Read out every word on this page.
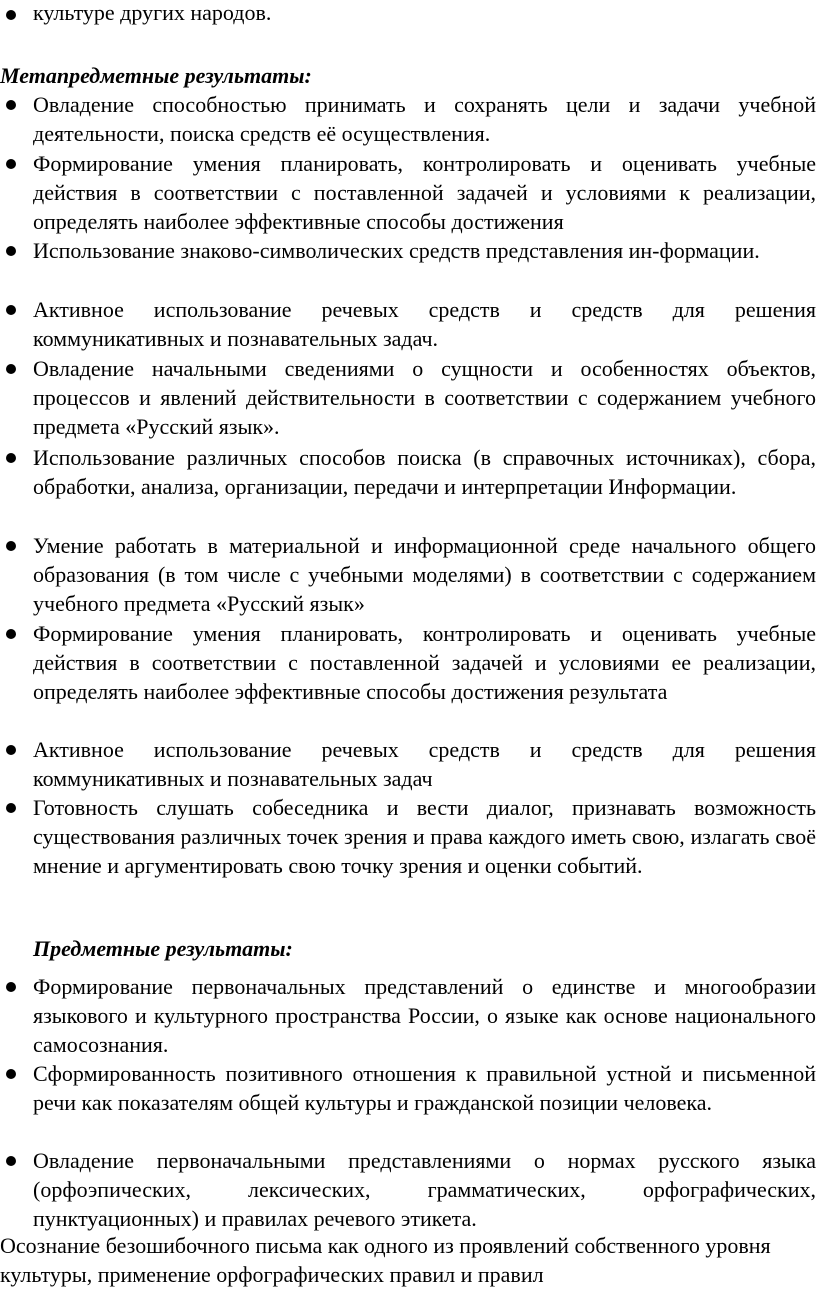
культуре других народов.
Метапредметные результаты:
Овладение способностью принимать и сохранять цели и задачи учебной деятельности, поиска средств её осуществления.
Формирование умения планировать, контролировать и оценивать учебные действия в соответствии с поставленной задачей и условиями к реализации, определять наиболее эффективные способы достижения
Использование знаково-символических средств представления ин-формации.
Активное использование речевых средств и средств для решения коммуникативных и познавательных задач.
Овладение начальными сведениями о сущности и особенностях объектов, процессов и явлений действительности в соответствии с содержанием учебного предмета «Русский язык».
Использование различных способов поиска (в справочных источниках), сбора, обработки, анализа, организации, передачи и интерпретации Информации.
Умение работать в материальной и информационной среде начального общего образования (в том числе с учебными моделями) в соответствии с содержанием учебного предмета «Русский язык»
Формирование умения планировать, контролировать и оценивать учебные действия в соответствии с поставленной задачей и условиями ее реализации, определять наиболее эффективные способы достижения результата
Активное использование речевых средств и средств для решения коммуникативных и познавательных задач
Готовность слушать собеседника и вести диалог, признавать возможность существования различных точек зрения и права каждого иметь свою, излагать своё мнение и аргументировать свою точку зрения и оценки событий.
Предметные результаты:
Формирование первоначальных представлений о единстве и многообразии языкового и культурного пространства России, о языке как основе национального самосознания.
Сформированность позитивного отношения к правильной устной и письменной речи как показателям общей культуры и гражданской позиции человека.
Овладение первоначальными представлениями о нормах русского языка (орфоэпических, лексических, грамматических, орфографических, пунктуационных) и правилах речевого этикета.
Осознание безошибочного письма как одного из проявлений собственного уровня культуры, применение орфографических правил и правил
